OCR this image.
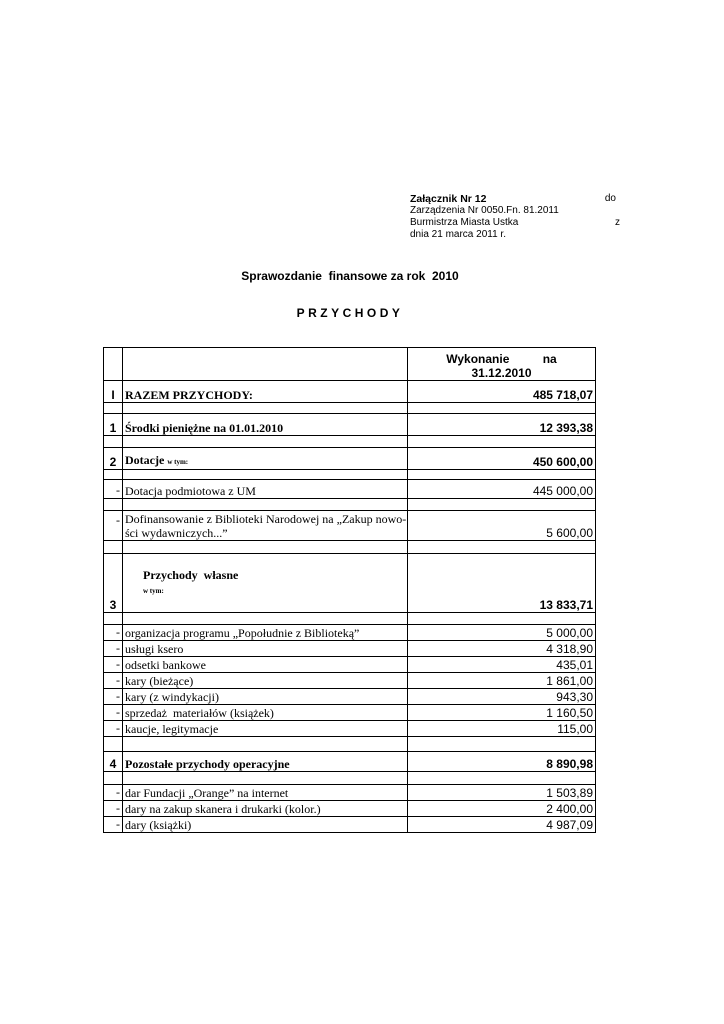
Załącznik Nr 12	do
Zarządzenia Nr 0050.Fn. 81.2011
Burmistrza Miasta Ustka	z
dnia 21 marca 2011 r.
Sprawozdanie  finansowe za rok  2010
PRZYCHODY

		Wykonanie          na
31.12.2010

I	RAZEM PRZYCHODY:	485 718,07

1	Środki pieniężne na 01.01.2010	12 393,38

2	Dotacje w tym:	450 600,00

-	Dotacja podmiotowa z UM	445 000,00

-	Dofinansowanie z Biblioteki Narodowej na „Zakup nowo-
ści wydawniczych...”	5 600,00

3	Przychody  własne
w tym:	13 833,71

-	organizacja programu „Popołudnie z Biblioteką”	5 000,00
-	usługi ksero	4 318,90
-	odsetki bankowe	435,01
-	kary (bieżące)	1 861,00
-	kary (z windykacji)	943,30
-	sprzedaż  materiałów (książek)	1 160,50
-	kaucje, legitymacje	115,00

4	Pozostałe przychody operacyjne	8 890,98

-	dar Fundacji „Orange” na internet	1 503,89
-	dary na zakup skanera i drukarki (kolor.)	2 400,00
-	dary (książki)	4 987,09
